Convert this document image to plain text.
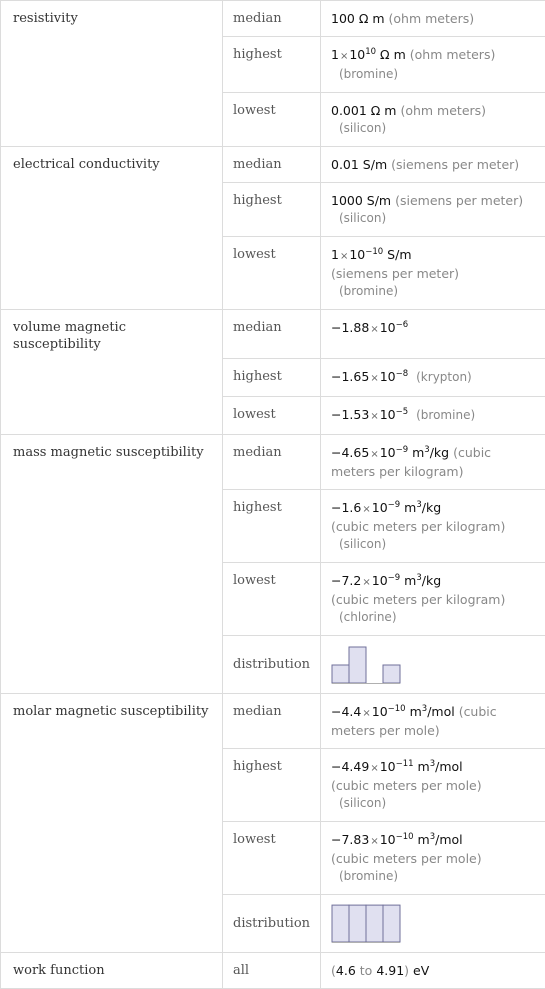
resistivity	median	100 Ω m (ohm meters)
	highest	$1\times 10^{10}$ Ω m (ohm meters)
(bromine)
	lowest	0.001 Ω m (ohm meters)
(silicon)
electrical conductivity	median	0.01 S/m (siemens per meter)
	highest	1000 S/m (siemens per meter)
(silicon)
	lowest	$1\times 10^{-10}$ S/m
(siemens per meter)
(bromine)
volume magnetic susceptibility	median	$-1.88\times 10^{-6}$
	highest	$-1.65\times 10^{-8}$ (krypton)
	lowest	$-1.53\times 10^{-5}$ (bromine)
mass magnetic susceptibility	median	$-4.65\times 10^{-9}$ $m^3/kg$ (cubic
meters per kilogram)
	highest	$-1.6\times 10^{-9}$ $m^3/kg$
(cubic meters per kilogram)
(silicon)
	lowest	$-7.2\times 10^{-9}$ $m^3/kg$
(cubic meters per kilogram)
(chlorine)
	distribution	

molar magnetic susceptibility	median	$-4.4\times 10^{-10}$ $m^3$/mol (cubic
meters per mole)
	highest	$-4.49\times 10^{-11}$ $m^3$/mol
(cubic meters per mole)
(silicon)
	lowest	$-7.83\times 10^{-10}$ $m^3$/mol
(cubic meters per mole)
(bromine)
	distribution	

work function	all	(4.6 to 4.91) eV
